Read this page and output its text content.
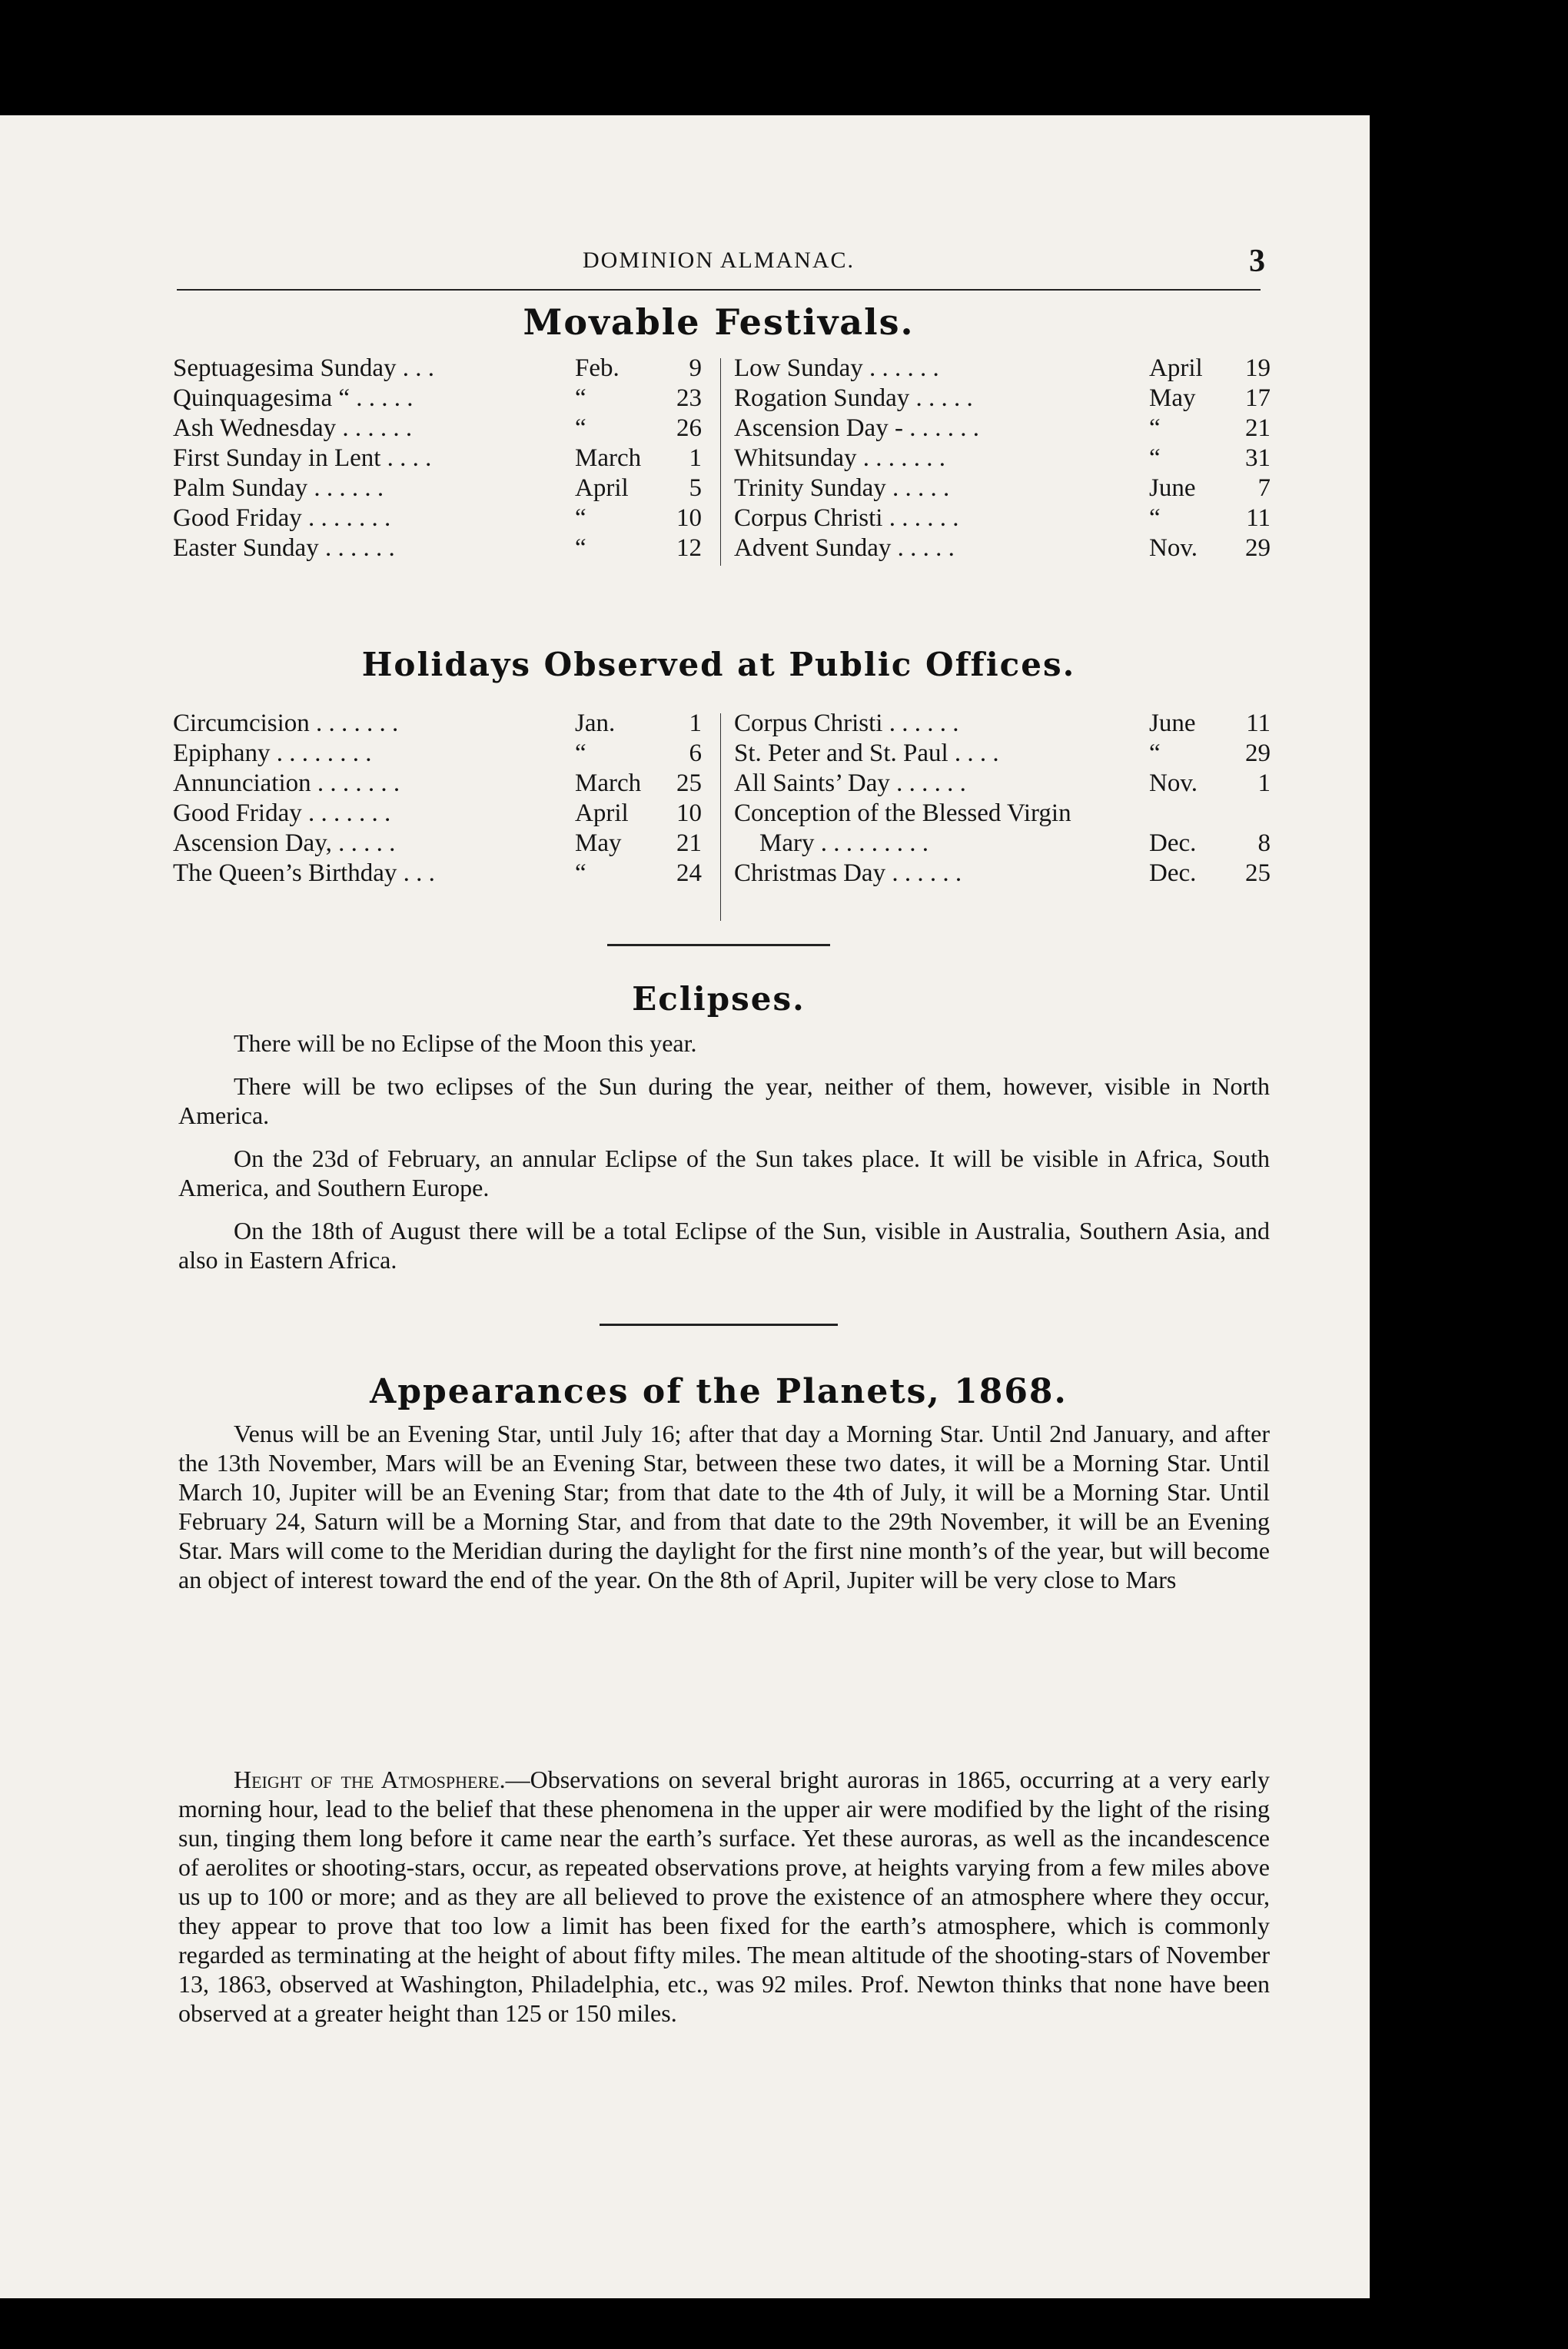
DOMINION ALMANAC.	3
Movable Festivals.
Septuagesima Sunday . . .	Feb.	9
Quinquagesima “ . . . . .	“	23
Ash Wednesday . . . . . .	“	26
First Sunday in Lent . . . .	March	1
Palm Sunday . . . . . .	April	5
Good Friday . . . . . . .	“	10
Easter Sunday . . . . . .	“	12
Low Sunday . . . . . .	April	19
Rogation Sunday . . . . .	May	17
Ascension Day - . . . . . .	“	21
Whitsunday . . . . . . .	“	31
Trinity Sunday . . . . .	June	7
Corpus Christi . . . . . .	“	11
Advent Sunday . . . . .	Nov.	29
Holidays Observed at Public Offices.
Circumcision . . . . . . .	Jan.	1
Epiphany . . . . . . . .	“	6
Annunciation . . . . . . .	March	25
Good Friday . . . . . . .	April	10
Ascension Day, . . . . .	May	21
The Queen’s Birthday . . .	“	24
Corpus Christi . . . . . .	June	11
St. Peter and St. Paul . . . .	“	29
All Saints’ Day . . . . . .	Nov.	1
Conception of the Blessed Virgin
Mary . . . . . . . . .	Dec.	8
Christmas Day . . . . . .	Dec.	25
Eclipses.

There will be no Eclipse of the Moon this year.

There will be two eclipses of the Sun during the year, neither of them, however, visible in North America.

On the 23d of February, an annular Eclipse of the Sun takes place. It will be visible in Africa, South America, and Southern Europe.

On the 18th of August there will be a total Eclipse of the Sun, visible in Australia, Southern Asia, and also in Eastern Africa.

Appearances of the Planets, 1868.

Venus will be an Evening Star, until July 16; after that day a Morning Star. Until 2nd January, and after the 13th November, Mars will be an Evening Star, between these two dates, it will be a Morning Star. Until March 10, Jupiter will be an Evening Star; from that date to the 4th of July, it will be a Morning Star. Until February 24, Saturn will be a Morning Star, and from that date to the 29th November, it will be an Evening Star. Mars will come to the Meridian during the daylight for the first nine month’s of the year, but will become an object of interest toward the end of the year. On the 8th of April, Jupiter will be very close to Mars

Height of the Atmosphere.—Observations on several bright auroras in 1865, occurring at a very early morning hour, lead to the belief that these phenomena in the upper air were modified by the light of the rising sun, tinging them long before it came near the earth’s surface. Yet these auroras, as well as the incandescence of aerolites or shooting-stars, occur, as repeated observations prove, at heights varying from a few miles above us up to 100 or more; and as they are all believed to prove the existence of an atmosphere where they occur, they appear to prove that too low a limit has been fixed for the earth’s atmosphere, which is commonly regarded as terminating at the height of about fifty miles. The mean altitude of the shooting-stars of November 13, 1863, observed at Washington, Philadelphia, etc., was 92 miles. Prof. Newton thinks that none have been observed at a greater height than 125 or 150 miles.
